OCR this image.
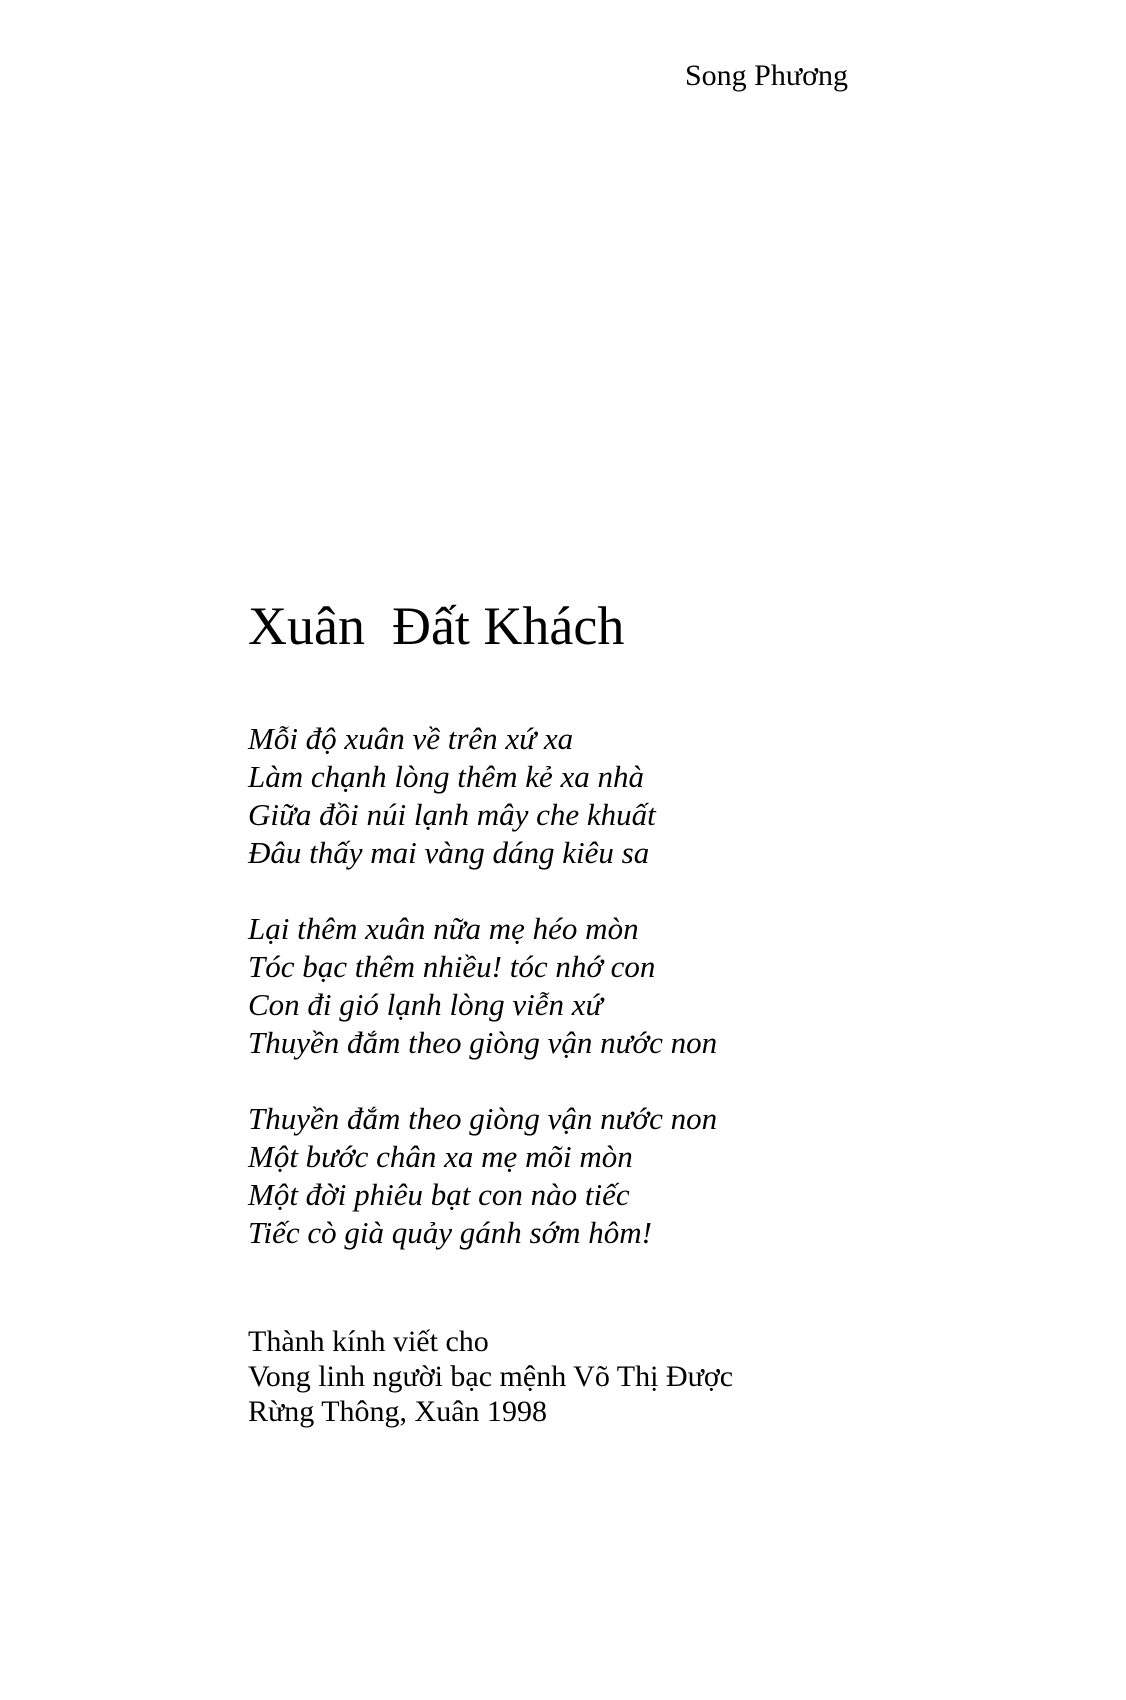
Song Phương
Xuân  Đất Khách
Mỗi độ xuân về trên xứ xa
Làm chạnh lòng thêm kẻ xa nhà
Giữa đồi núi lạnh mây che khuất
Đâu thấy mai vàng dáng kiêu sa
Lại thêm xuân nữa mẹ héo mòn
Tóc bạc thêm nhiều! tóc nhớ con
Con đi gió lạnh lòng viễn xứ
Thuyền đắm theo giòng vận nước non
Thuyền đắm theo giòng vận nước non
Một bước chân xa mẹ mõi mòn
Một đời phiêu bạt con nào tiếc
Tiếc cò già quảy gánh sớm hôm!
Thành kính viết cho
Vong linh người bạc mệnh Võ Thị Được
Rừng Thông, Xuân 1998
